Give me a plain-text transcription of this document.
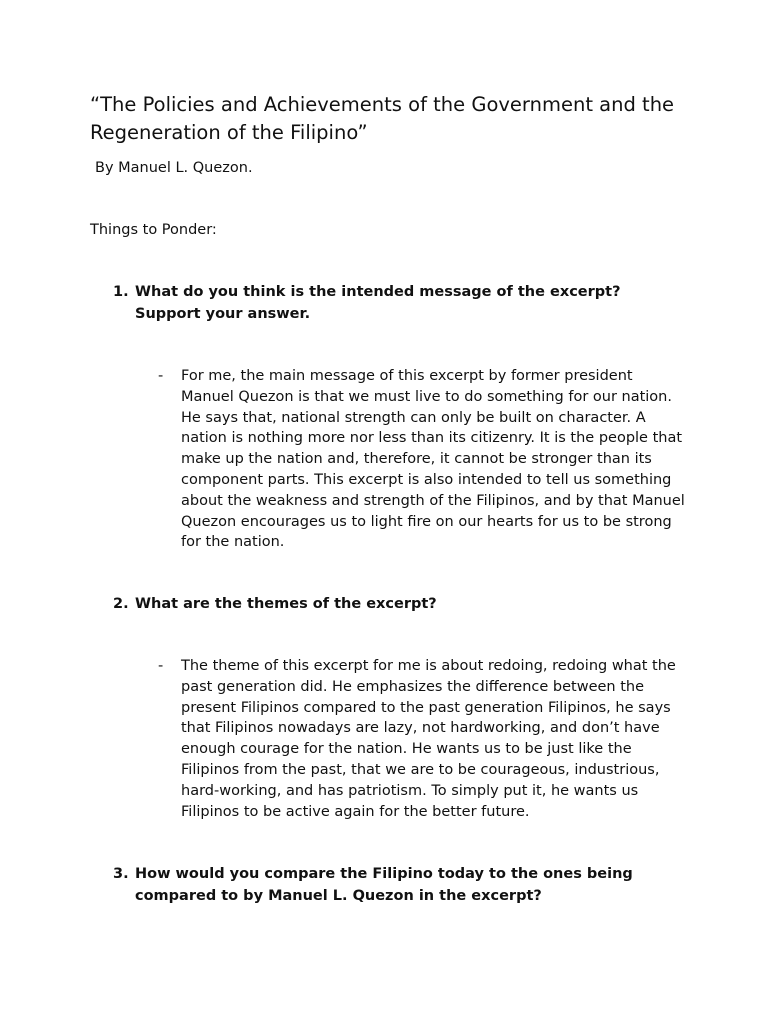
“The Policies and Achievements of the Government and the Regeneration of the Filipino”

By Manuel L. Quezon.

Things to Ponder:

1. What do you think is the intended message of the excerpt? Support your answer.
- For me, the main message of this excerpt by former president Manuel Quezon is that we must live to do something for our nation. He says that, national strength can only be built on character. A nation is nothing more nor less than its citizenry. It is the people that make up the nation and, therefore, it cannot be stronger than its component parts. This excerpt is also intended to tell us something about the weakness and strength of the Filipinos, and by that Manuel Quezon encourages us to light fire on our hearts for us to be strong for the nation.
2. What are the themes of the excerpt?
- The theme of this excerpt for me is about redoing, redoing what the past generation did. He emphasizes the difference between the present Filipinos compared to the past generation Filipinos, he says that Filipinos nowadays are lazy, not hardworking, and don’t have enough courage for the nation. He wants us to be just like the Filipinos from the past, that we are to be courageous, industrious, hard-working, and has patriotism. To simply put it, he wants us Filipinos to be active again for the better future.
3. How would you compare the Filipino today to the ones being compared to by Manuel L. Quezon in the excerpt?
